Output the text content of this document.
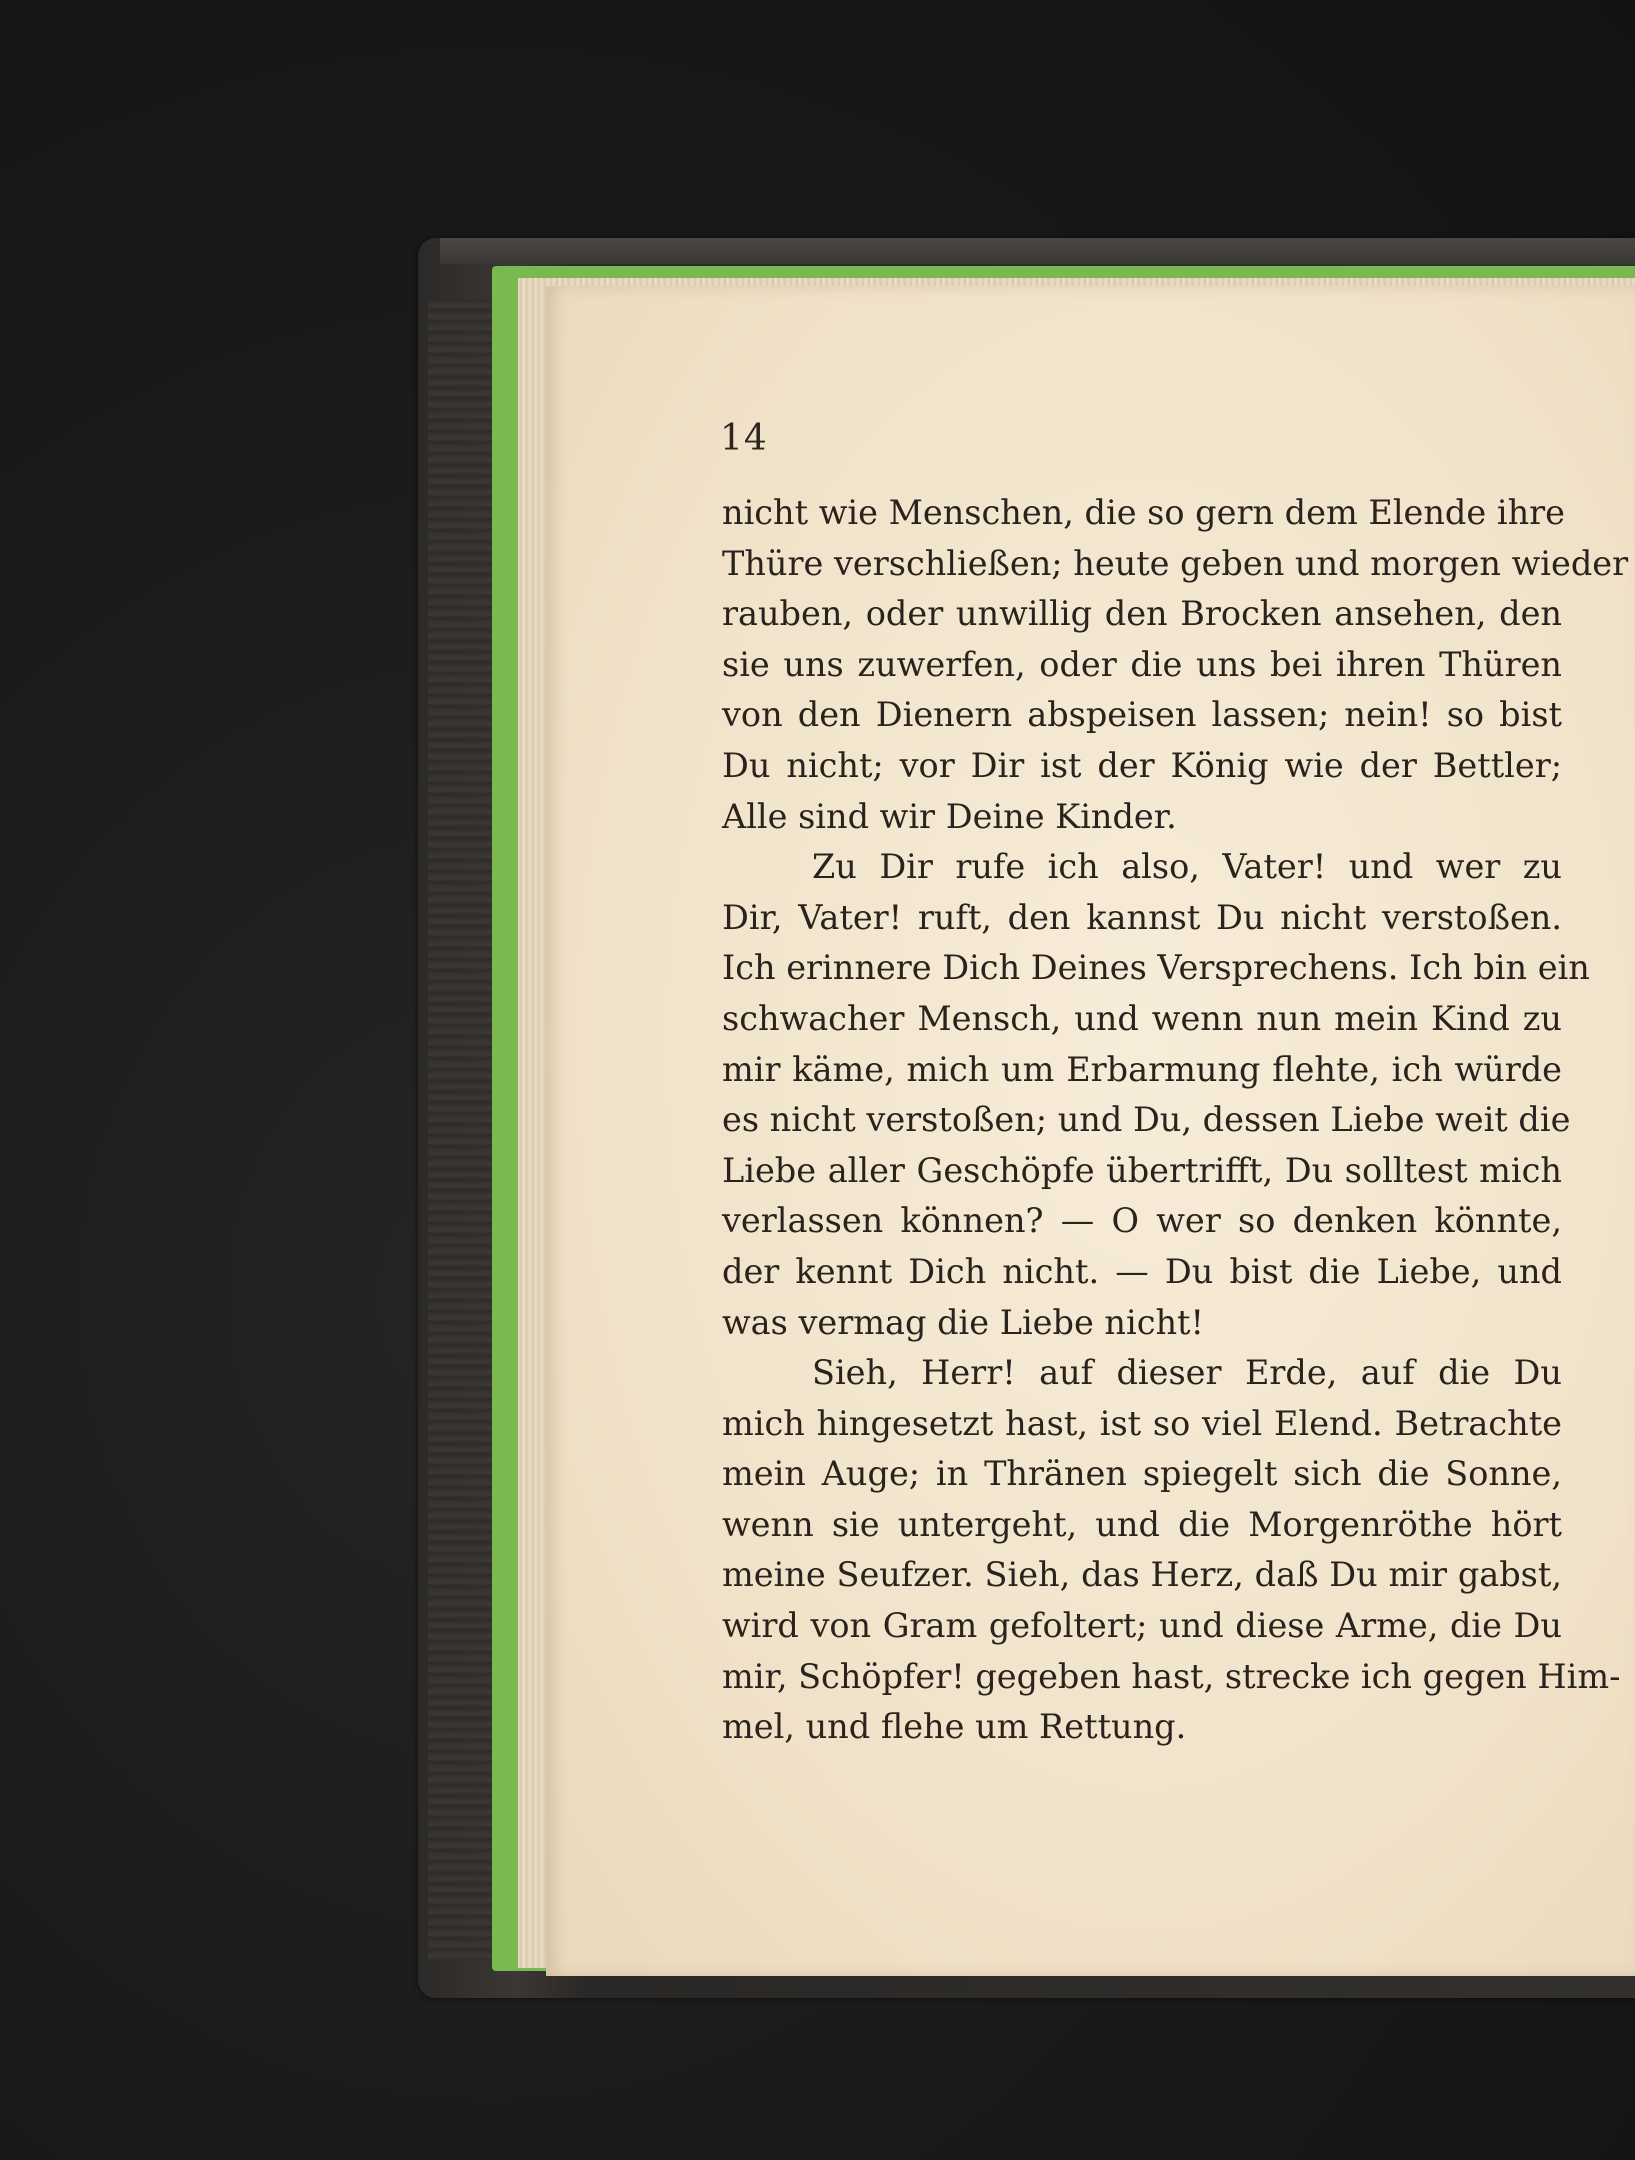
14

nicht wie Menschen, die so gern dem Elende ihre
Thüre verschließen; heute geben und morgen wieder
rauben, oder unwillig den Brocken ansehen, den
sie uns zuwerfen, oder die uns bei ihren Thüren
von den Dienern abspeisen lassen; nein! so bist
Du nicht; vor Dir ist der König wie der Bettler;
Alle sind wir Deine Kinder.

Zu Dir rufe ich also, Vater! und wer zu
Dir, Vater! ruft, den kannst Du nicht verstoßen.
Ich erinnere Dich Deines Versprechens. Ich bin ein
schwacher Mensch, und wenn nun mein Kind zu
mir käme, mich um Erbarmung flehte, ich würde
es nicht verstoßen; und Du, dessen Liebe weit die
Liebe aller Geschöpfe übertrifft, Du solltest mich
verlassen können? — O wer so denken könnte,
der kennt Dich nicht. — Du bist die Liebe, und
was vermag die Liebe nicht!

Sieh, Herr! auf dieser Erde, auf die Du
mich hingesetzt hast, ist so viel Elend. Betrachte
mein Auge; in Thränen spiegelt sich die Sonne,
wenn sie untergeht, und die Morgenröthe hört
meine Seufzer. Sieh, das Herz, daß Du mir gabst,
wird von Gram gefoltert; und diese Arme, die Du
mir, Schöpfer! gegeben hast, strecke ich gegen Him-
mel, und flehe um Rettung.
